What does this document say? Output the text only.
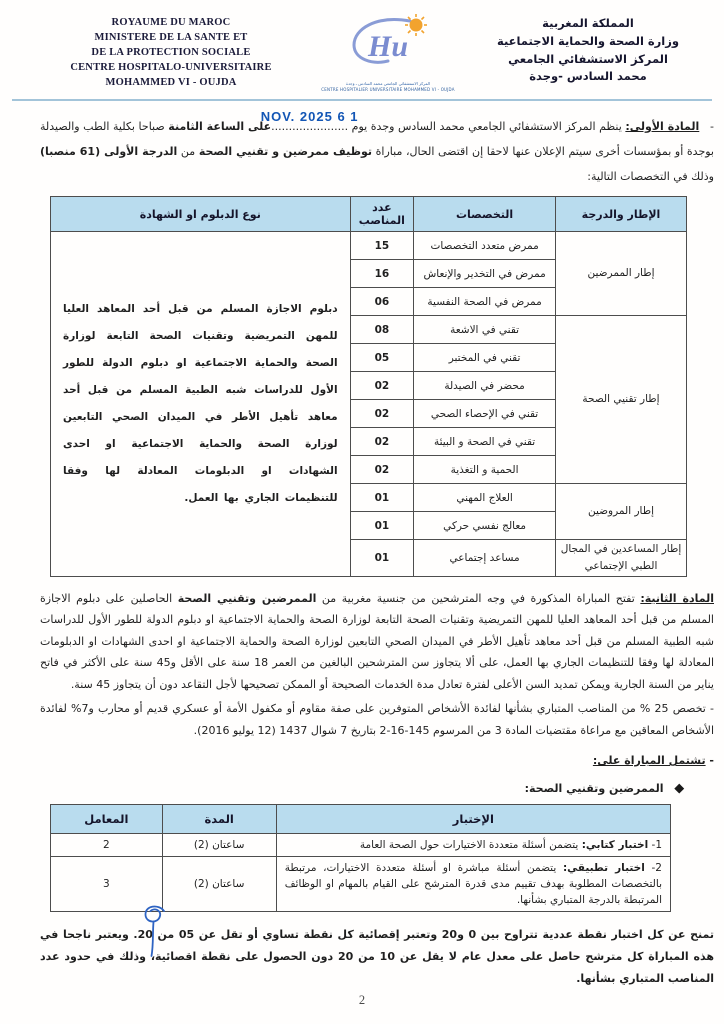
ROYAUME DU MAROC
MINISTERE DE LA SANTE ET
DE LA PROTECTION SOCIALE
CENTRE HOSPITALO-UNIVERSITAIRE
MOHAMMED VI - OUJDA
Hu
المركز الاستشفائي الجامعي محمد السادس ـ وجدة
CENTRE HOSPITALIER UNIVERSITAIRE MOHAMMED VI - OUJDA
المملكة المغربية
وزارة الصحة والحماية الاجتماعية
المركز الاستشفائي الجامعي
محمد السادس -وجدة

-   المادة الأولى: ينظم المركز الاستشفائي الجامعي محمد السادس وجدة يوم
1 6 NOV. 2025
......................على الساعة الثامنة صباحا بكلية الطب والصيدلة بوجدة أو بمؤسسات أخرى سيتم الإعلان عنها لاحقا إن اقتضى الحال، مباراة توظيف ممرضين و تقنيي الصحة من الدرجة الأولى (61 منصبا) وذلك في التخصصات التالية:

الإطار والدرجة	التخصصات	عدد المناصب	نوع الدبلوم او الشهادة
إطار الممرضين	ممرض متعدد التخصصات	15	دبلوم الاجازة المسلم من قبل أحد المعاهد العليا للمهن التمريضية وتقنيات الصحة التابعة لوزارة الصحة والحماية الاجتماعية او دبلوم الدولة للطور الأول للدراسات شبه الطبية المسلم من قبل أحد معاهد تأهيل الأطر في الميدان الصحي التابعين لوزارة الصحة والحماية الاجتماعية او احدى الشهادات او الدبلومات المعادلة لها وفقا للتنظيمات الجاري بها العمل.
	ممرض في التخدير والإنعاش	16	
	ممرض في الصحة النفسية	06	
إطار تقنيي الصحة	تقني في الاشعة	08	
	تقني في المختبر	05	
	محضر في الصيدلة	02	
	تقني في الإحصاء الصحي	02	
	تقني في الصحة و البيئة	02	
	الحمية و التغذية	02	
إطار المروضين	العلاج المهني	01	
	معالج نفسي حركي	01	
إطار المساعدين في المجال الطبي الإجتماعي	مساعد إجتماعي	01	

المادة الثانية: تفتح المباراة المذكورة في وجه المترشحين من جنسية مغربية من الممرضين وتقنيي الصحة الحاصلين على دبلوم الاجازة المسلم من قبل أحد المعاهد العليا للمهن التمريضية وتقنيات الصحة التابعة لوزارة الصحة والحماية الاجتماعية او دبلوم الدولة للطور الأول للدراسات شبه الطبية المسلم من قبل أحد معاهد تأهيل الأطر في الميدان الصحي التابعين لوزارة الصحة والحماية الاجتماعية او احدى الشهادات او الدبلومات المعادلة لها وفقا للتنظيمات الجاري بها العمل، على ألا يتجاوز سن المترشحين البالغين من العمر 18 سنة على الأقل و45 سنة على الأكثر في فاتح يناير من السنة الجارية ويمكن تمديد السن الأعلى لفترة تعادل مدة الخدمات الصحيحة أو الممكن تصحيحها لأجل التقاعد دون أن يتجاوز 45 سنة.

- تخصص 25 % من المناصب المتباري بشأنها لفائدة الأشخاص المتوفرين على صفة مقاوم أو مكفول الأمة أو عسكري قديم أو محارب و7% لفائدة الأشخاص المعاقين مع مراعاة مقتضيات المادة 3 من المرسوم 145-16-2 بتاريخ 7 شوال 1437 (12 يوليو 2016).

- تشتمل المباراة على:

الممرضين وتقنيي الصحة:

الإختبار	المدة	المعامل
1- اختبار كتابي: يتضمن أسئلة متعددة الاختيارات حول الصحة العامة	ساعتان (2)	2
2- اختبار تطبيقي: يتضمن أسئلة مباشرة او أسئلة متعددة الاختيارات، مرتبطة بالتخصصات المطلوبة بهدف تقييم مدى قدرة المترشح على القيام بالمهام او الوظائف المرتبطة بالدرجة المتباري بشأنها.	ساعتان (2)	3

تمنح عن كل اختبار نقطة عددية تتراوح بين 0 و20 وتعتبر إقصائية كل نقطة تساوي أو تقل عن 05 من 20. ويعتبر ناجحا في هذه المباراة كل مترشح حاصل على معدل عام لا يقل عن 10 من 20 دون الحصول على نقطة اقصائية، وذلك في حدود عدد المناصب المتباري بشأنها.

2
